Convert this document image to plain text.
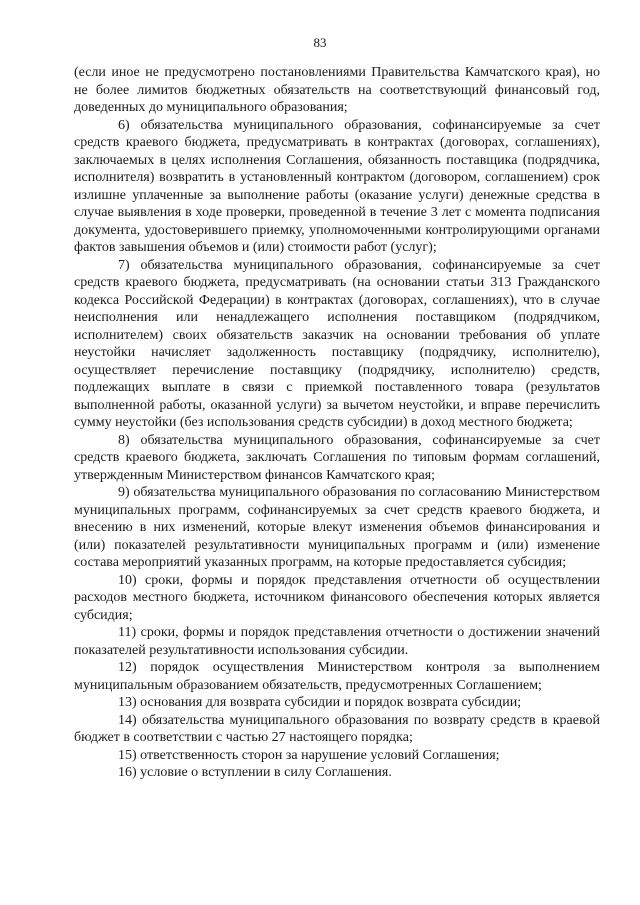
83

(если иное не предусмотрено постановлениями Правительства Камчатского края), но не более лимитов бюджетных обязательств на соответствующий финансовый год, доведенных до муниципального образования;

6) обязательства муниципального образования, софинансируемые за счет средств краевого бюджета, предусматривать в контрактах (договорах, соглашениях), заключаемых в целях исполнения Соглашения, обязанность поставщика (подрядчика, исполнителя) возвратить в установленный контрактом (договором, соглашением) срок излишне уплаченные за выполнение работы (оказание услуги) денежные средства в случае выявления в ходе проверки, проведенной в течение 3 лет с момента подписания документа, удостоверившего приемку, уполномоченными контролирующими органами фактов завышения объемов и (или) стоимости работ (услуг);

7) обязательства муниципального образования, софинансируемые за счет средств краевого бюджета, предусматривать (на основании статьи 313 Гражданского кодекса Российской Федерации) в контрактах (договорах, соглашениях), что в случае неисполнения или ненадлежащего исполнения поставщиком (подрядчиком, исполнителем) своих обязательств заказчик на основании требования об уплате неустойки начисляет задолженность поставщику (подрядчику, исполнителю), осуществляет перечисление поставщику (подрядчику, исполнителю) средств, подлежащих выплате в связи с приемкой поставленного товара (результатов выполненной работы, оказанной услуги) за вычетом неустойки, и вправе перечислить сумму неустойки (без использования средств субсидии) в доход местного бюджета;

8) обязательства муниципального образования, софинансируемые за счет средств краевого бюджета, заключать Соглашения по типовым формам соглашений, утвержденным Министерством финансов Камчатского края;

9) обязательства муниципального образования по согласованию Министерством муниципальных программ, софинансируемых за счет средств краевого бюджета, и внесению в них изменений, которые влекут изменения объемов финансирования и (или) показателей результативности муниципальных программ и (или) изменение состава мероприятий указанных программ, на которые предоставляется субсидия;

10) сроки, формы и порядок представления отчетности об осуществлении расходов местного бюджета, источником финансового обеспечения которых является субсидия;

11) сроки, формы и порядок представления отчетности о достижении значений показателей результативности использования субсидии.

12) порядок осуществления Министерством контроля за выполнением муниципальным образованием обязательств, предусмотренных Соглашением;

13) основания для возврата субсидии и порядок возврата субсидии;

14) обязательства муниципального образования по возврату средств в краевой бюджет в соответствии с частью 27 настоящего порядка;

15) ответственность сторон за нарушение условий Соглашения;

16) условие о вступлении в силу Соглашения.
